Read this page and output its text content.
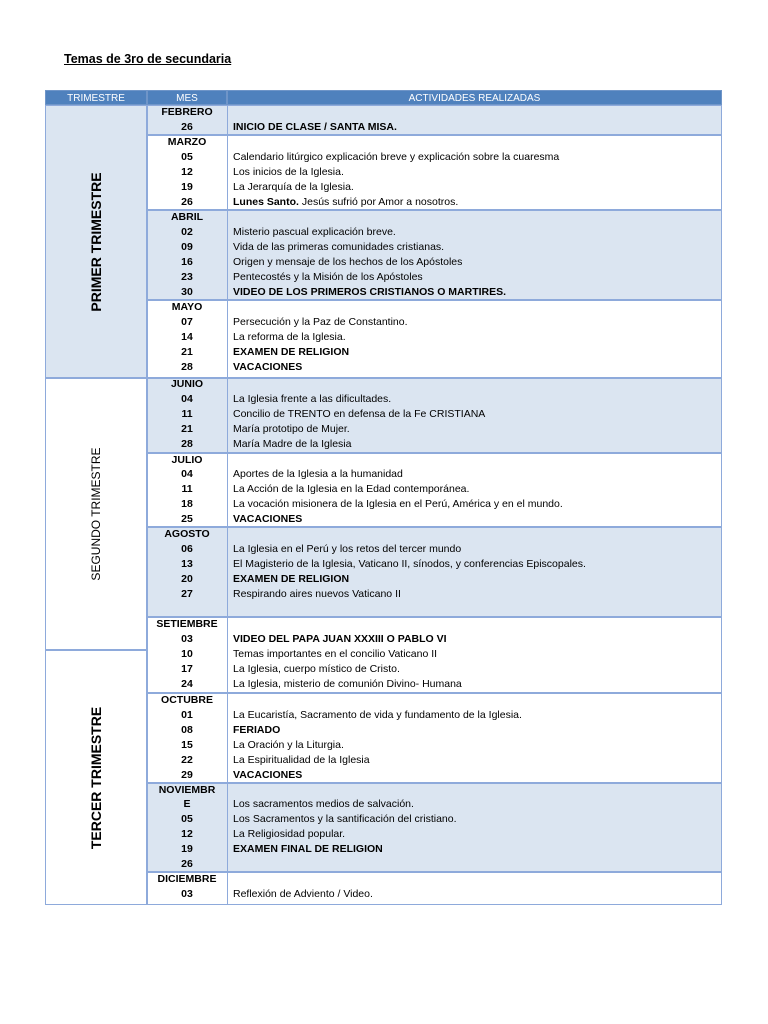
Temas de 3ro de secundaria
TRIMESTRE	MES	ACTIVIDADES REALIZADAS
PRIMER TRIMESTRE
SEGUNDO TRIMESTRE
TERCER TRIMESTRE
FEBRERO
26	INICIO DE CLASE / SANTA MISA.
MARZO
05	Calendario litúrgico explicación breve y explicación sobre la cuaresma
12	Los inicios de la Iglesia.
19	La Jerarquía de la Iglesia.
26	Lunes Santo. Jesús sufrió por Amor a nosotros.
ABRIL
02	Misterio pascual explicación breve.
09	Vida de las primeras comunidades cristianas.
16	Origen y mensaje de los hechos de los Apóstoles
23	Pentecostés y la Misión de los Apóstoles
30	VIDEO DE LOS PRIMEROS CRISTIANOS O MARTIRES.
MAYO
07	Persecución y la Paz de Constantino.
14	La reforma de la Iglesia.
21	EXAMEN DE RELIGION
28	VACACIONES
JUNIO
04	La Iglesia frente a las dificultades.
11	Concilio de TRENTO en defensa de la Fe CRISTIANA
21	María prototipo de Mujer.
28	María Madre de la Iglesia
JULIO
04	Aportes de la Iglesia a la humanidad
11	La Acción de la Iglesia en la Edad contemporánea.
18	La vocación misionera de la Iglesia en el Perú, América y en el mundo.
25	VACACIONES
AGOSTO
06	La Iglesia en el Perú y los retos del tercer mundo
13	El Magisterio de la Iglesia, Vaticano II, sínodos, y conferencias Episcopales.
20	EXAMEN DE RELIGION
27	Respirando aires nuevos Vaticano II
SETIEMBRE
03	VIDEO DEL PAPA JUAN XXXIII O PABLO VI
10	Temas importantes en el concilio Vaticano II
17	La Iglesia, cuerpo místico de Cristo.
24	La Iglesia, misterio de comunión Divino- Humana
OCTUBRE
01	La Eucaristía, Sacramento de vida y fundamento de la Iglesia.
08	FERIADO
15	La Oración y la Liturgia.
22	La Espiritualidad de la Iglesia
29	VACACIONES
NOVIEMBR
E	Los sacramentos medios de salvación.
05	Los Sacramentos y la santificación del cristiano.
12	La Religiosidad popular.
19	EXAMEN FINAL DE RELIGION
26
DICIEMBRE
03	Reflexión de Adviento / Video.
